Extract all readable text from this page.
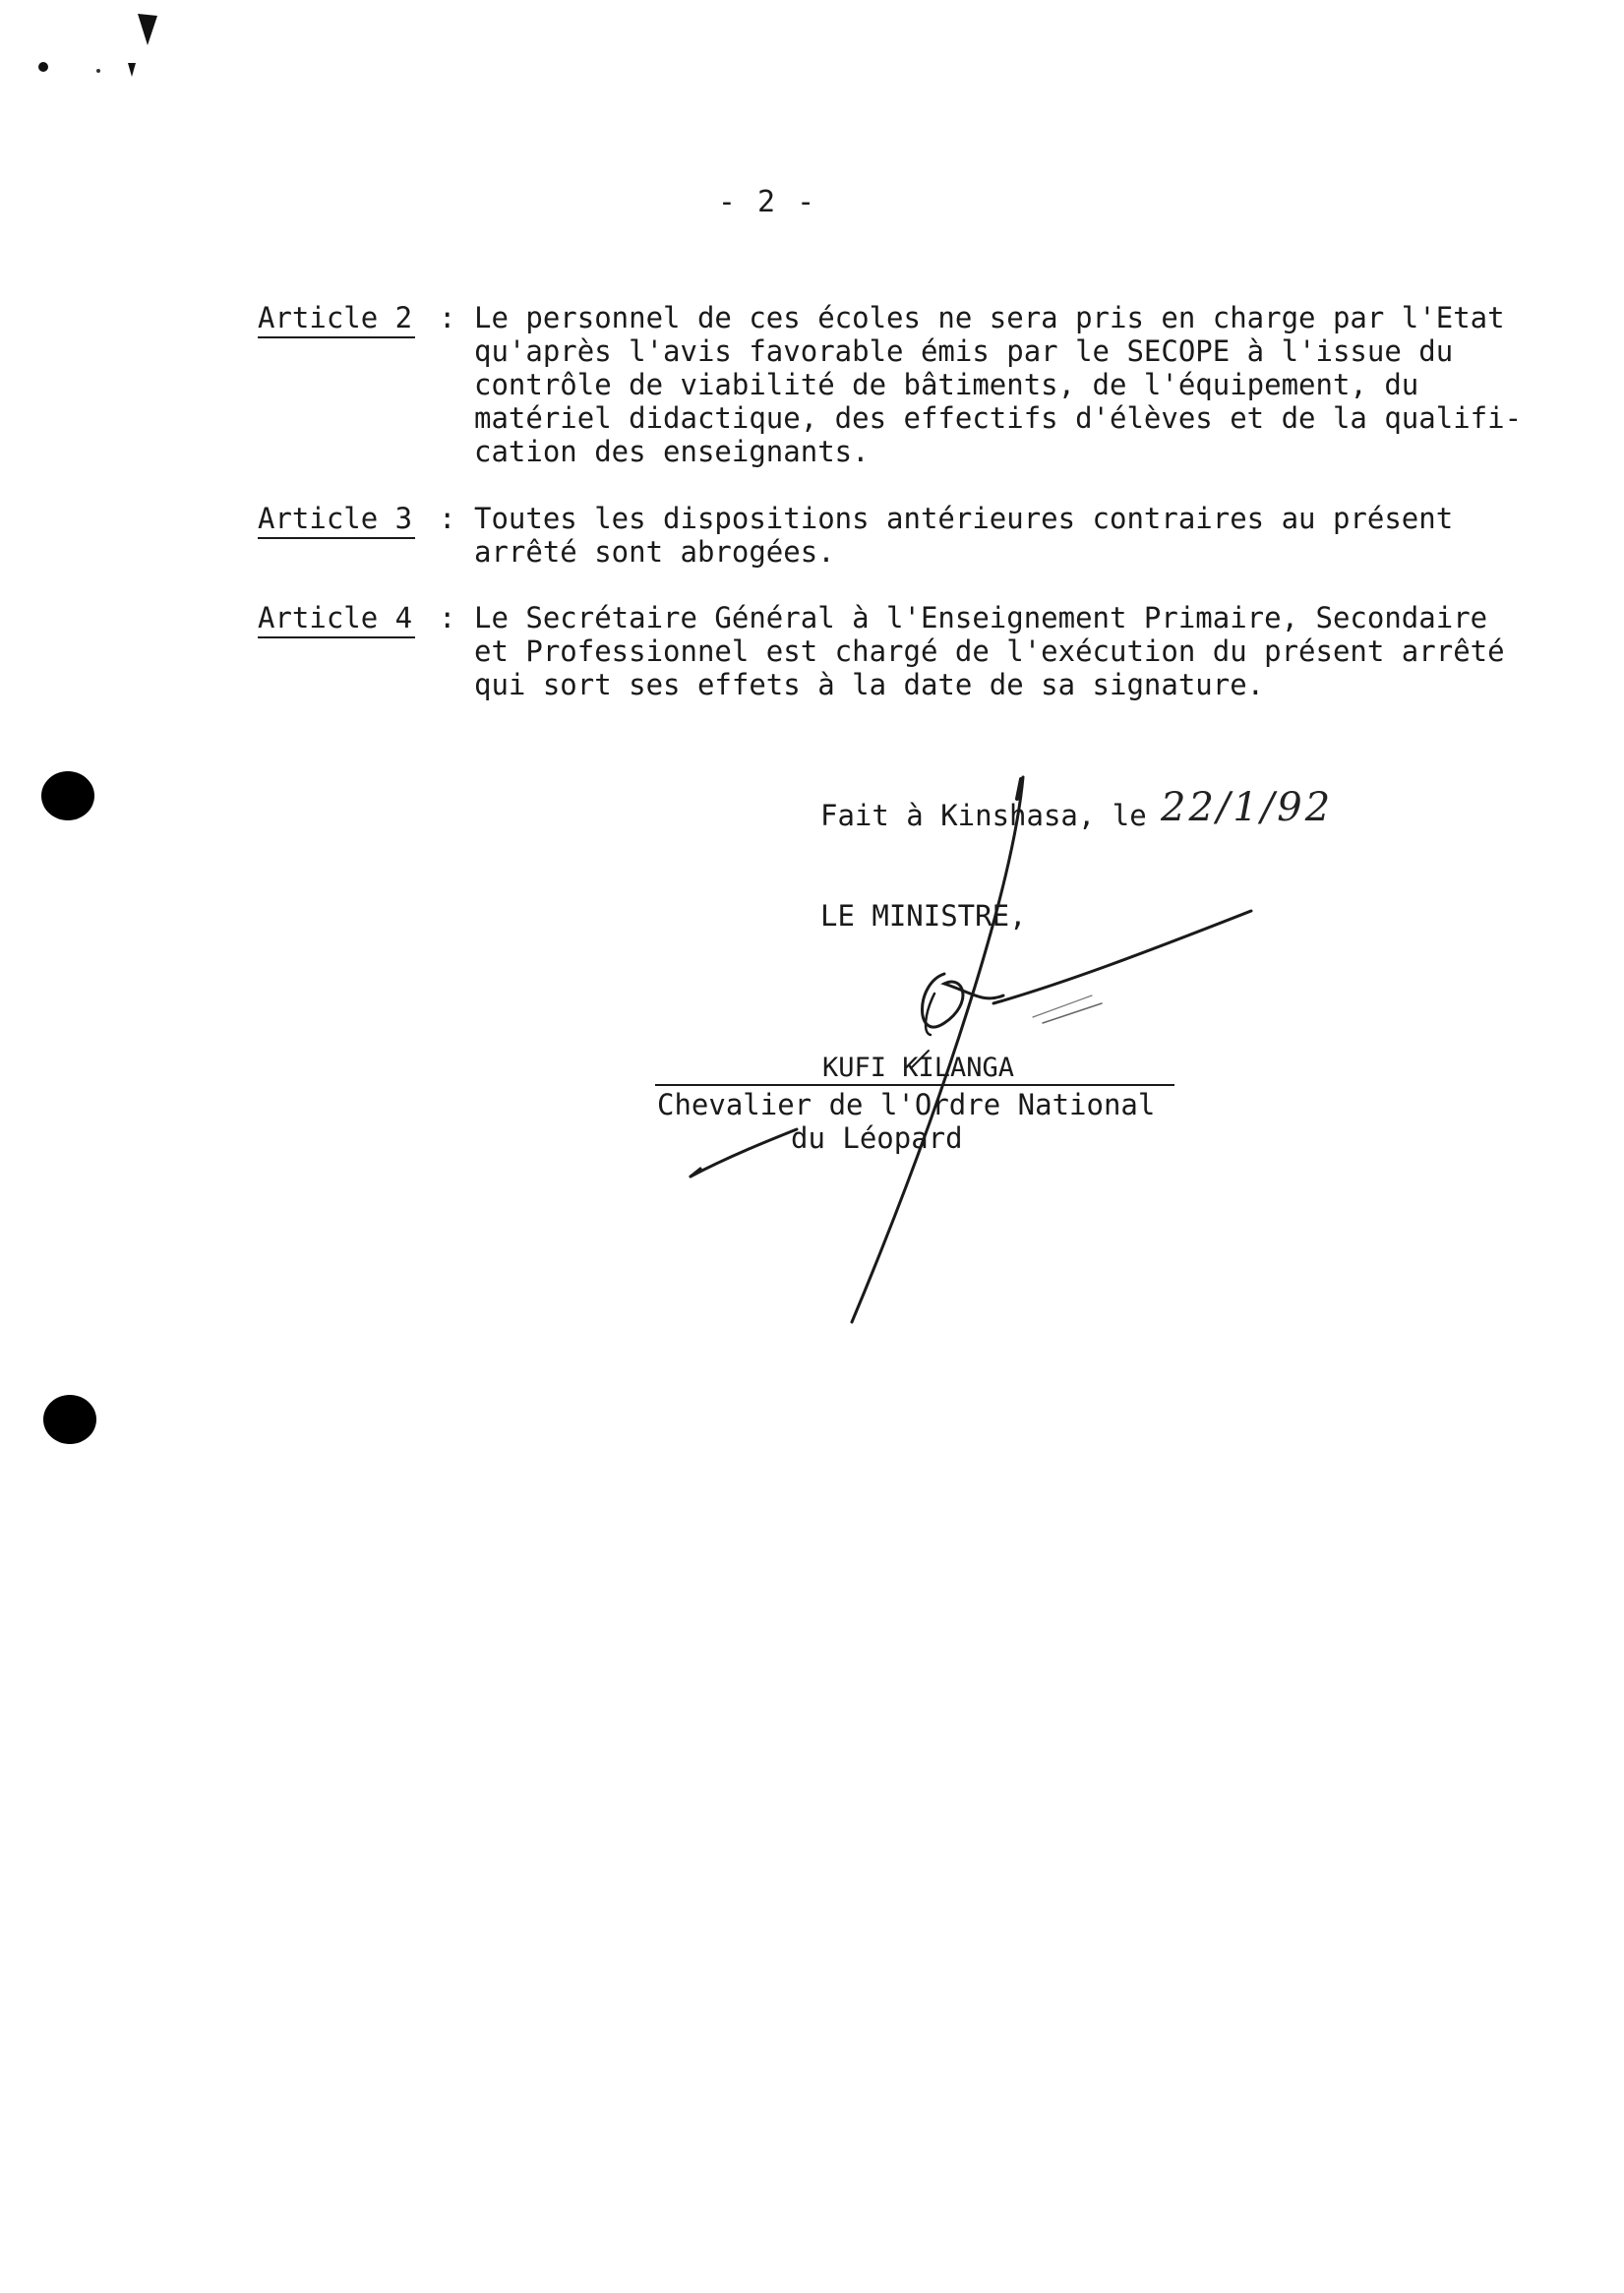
- 2 -
Article 2 : Le personnel de ces écoles ne sera pris en charge par l'Etat
qu'après l'avis favorable émis par le SECOPE à l'issue du
contrôle de viabilité de bâtiments, de l'équipement, du
matériel didactique, des effectifs d'élèves et de la qualifi-
cation des enseignants.
Article 3 : Toutes les dispositions antérieures contraires au présent
arrêté sont abrogées.
Article 4 : Le Secrétaire Général à l'Enseignement Primaire, Secondaire
et Professionnel est chargé de l'exécution du présent arrêté
qui sort ses effets à la date de sa signature.
Fait à Kinshasa, le 22/1/92
LE MINISTRE,
KUFI KILANGA
Chevalier de l'Ordre National
du Léopard
